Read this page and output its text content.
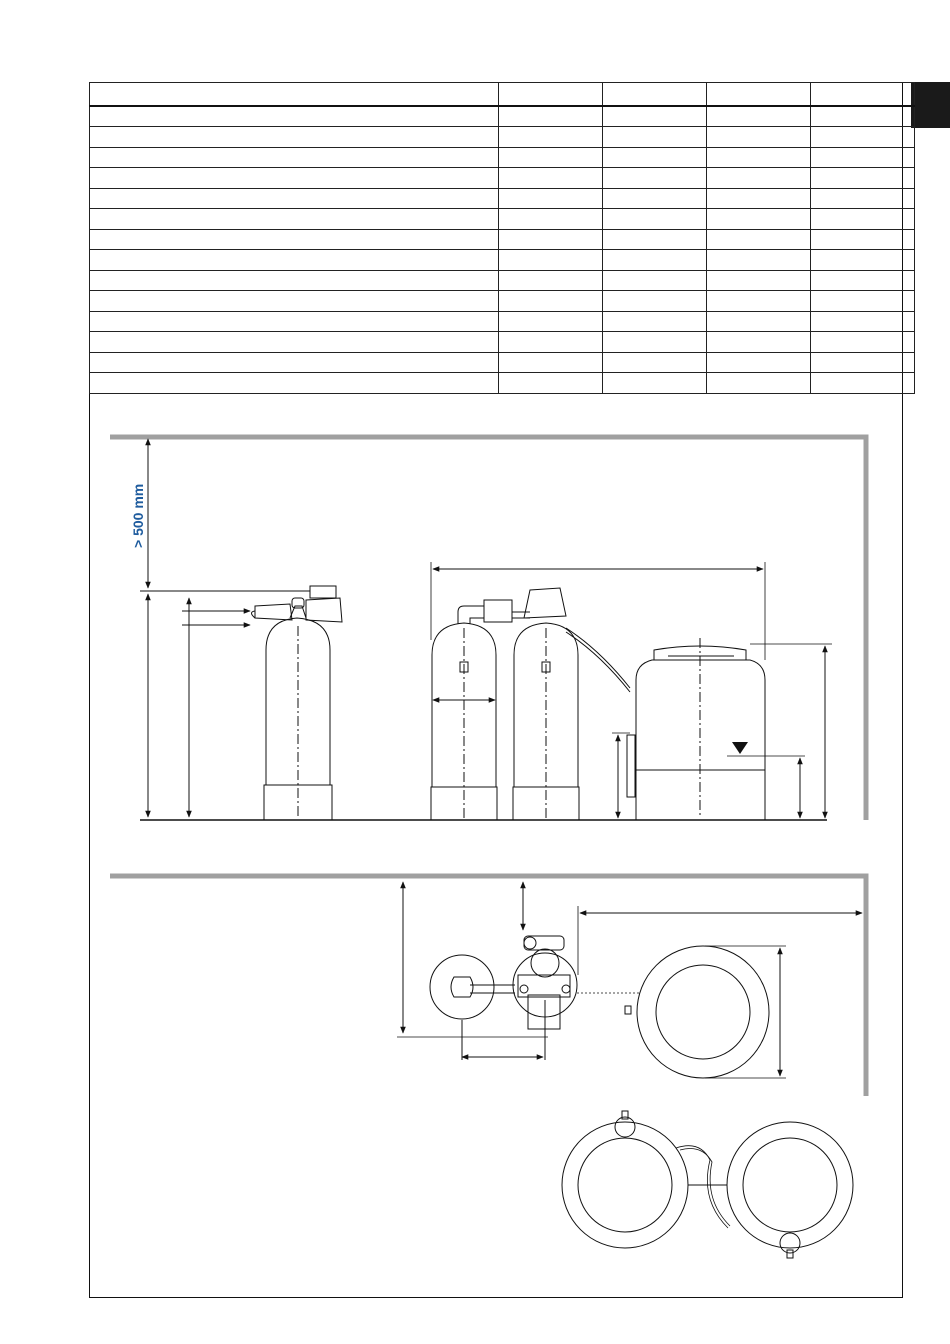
> 500 mm
